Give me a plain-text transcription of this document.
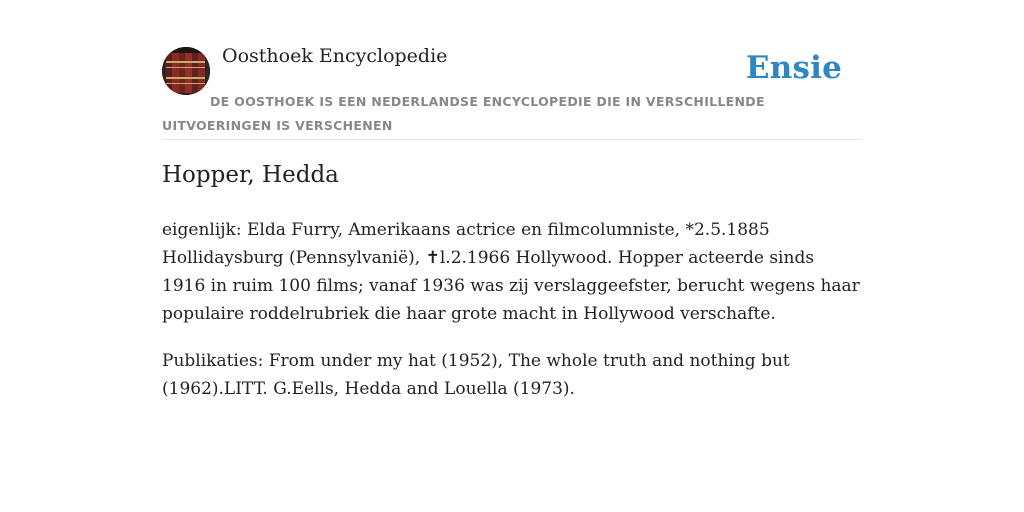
Oosthoek Encyclopedie	Ensie
DE OOSTHOEK IS EEN NEDERLANDSE ENCYCLOPEDIE DIE IN VERSCHILLENDE UITVOERINGEN IS VERSCHENEN
Hopper, Hedda

eigenlijk: Elda Furry, Amerikaans actrice en filmcolumniste, *2.5.1885 Hollidaysburg (Pennsylvanië), ✝l.2.1966 Hollywood. Hopper acteerde sinds 1916 in ruim 100 films; vanaf 1936 was zij verslaggeefster, berucht wegens haar populaire roddelrubriek die haar grote macht in Hollywood verschafte.

Publikaties: From under my hat (1952), The whole truth and nothing but (1962).LITT. G.Eells, Hedda and Louella (1973).
